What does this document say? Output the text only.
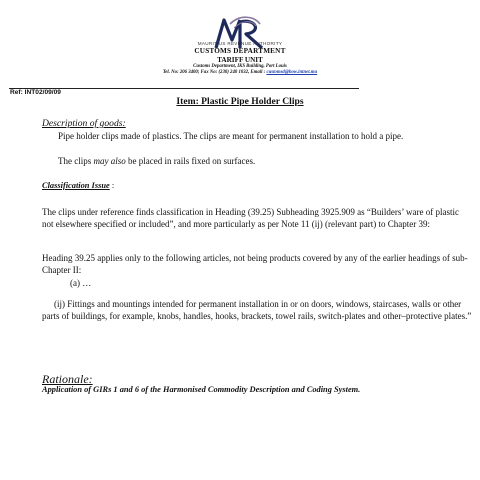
MAURITIUS REVENUE AUTHORITY
CUSTOMS DEPARTMENT
TARIFF UNIT
Customs Department, IKS Building, Port Louis
Tel. No: 206 3400; Fax No: (230) 240 1032, Email : customsd@how.intnet.mu
Ref: INT02/09/09
Item: Plastic Pipe Holder Clips
Description of goods:
Pipe holder clips made of plastics. The clips are meant for permanent installation to hold a pipe.
The clips may also be placed in rails fixed on surfaces.
Classification Issue :
The clips under reference finds classification in Heading (39.25) Subheading 3925.909 as “Builders’ ware of plastic not elsewhere specified or included”, and more particularly as per Note 11 (ij) (relevant part) to Chapter 39:
Heading 39.25 applies only to the following articles, not being products covered by any of the earlier headings of sub-Chapter II:
(a) …
(ij) Fittings and mountings intended for permanent installation in or on doors, windows, staircases, walls or other parts of buildings, for example, knobs, handles, hooks, brackets, towel rails, switch-plates and other–protective plates.”
Rationale:
Application of GIRs 1 and 6 of the Harmonised Commodity Description and Coding System.
